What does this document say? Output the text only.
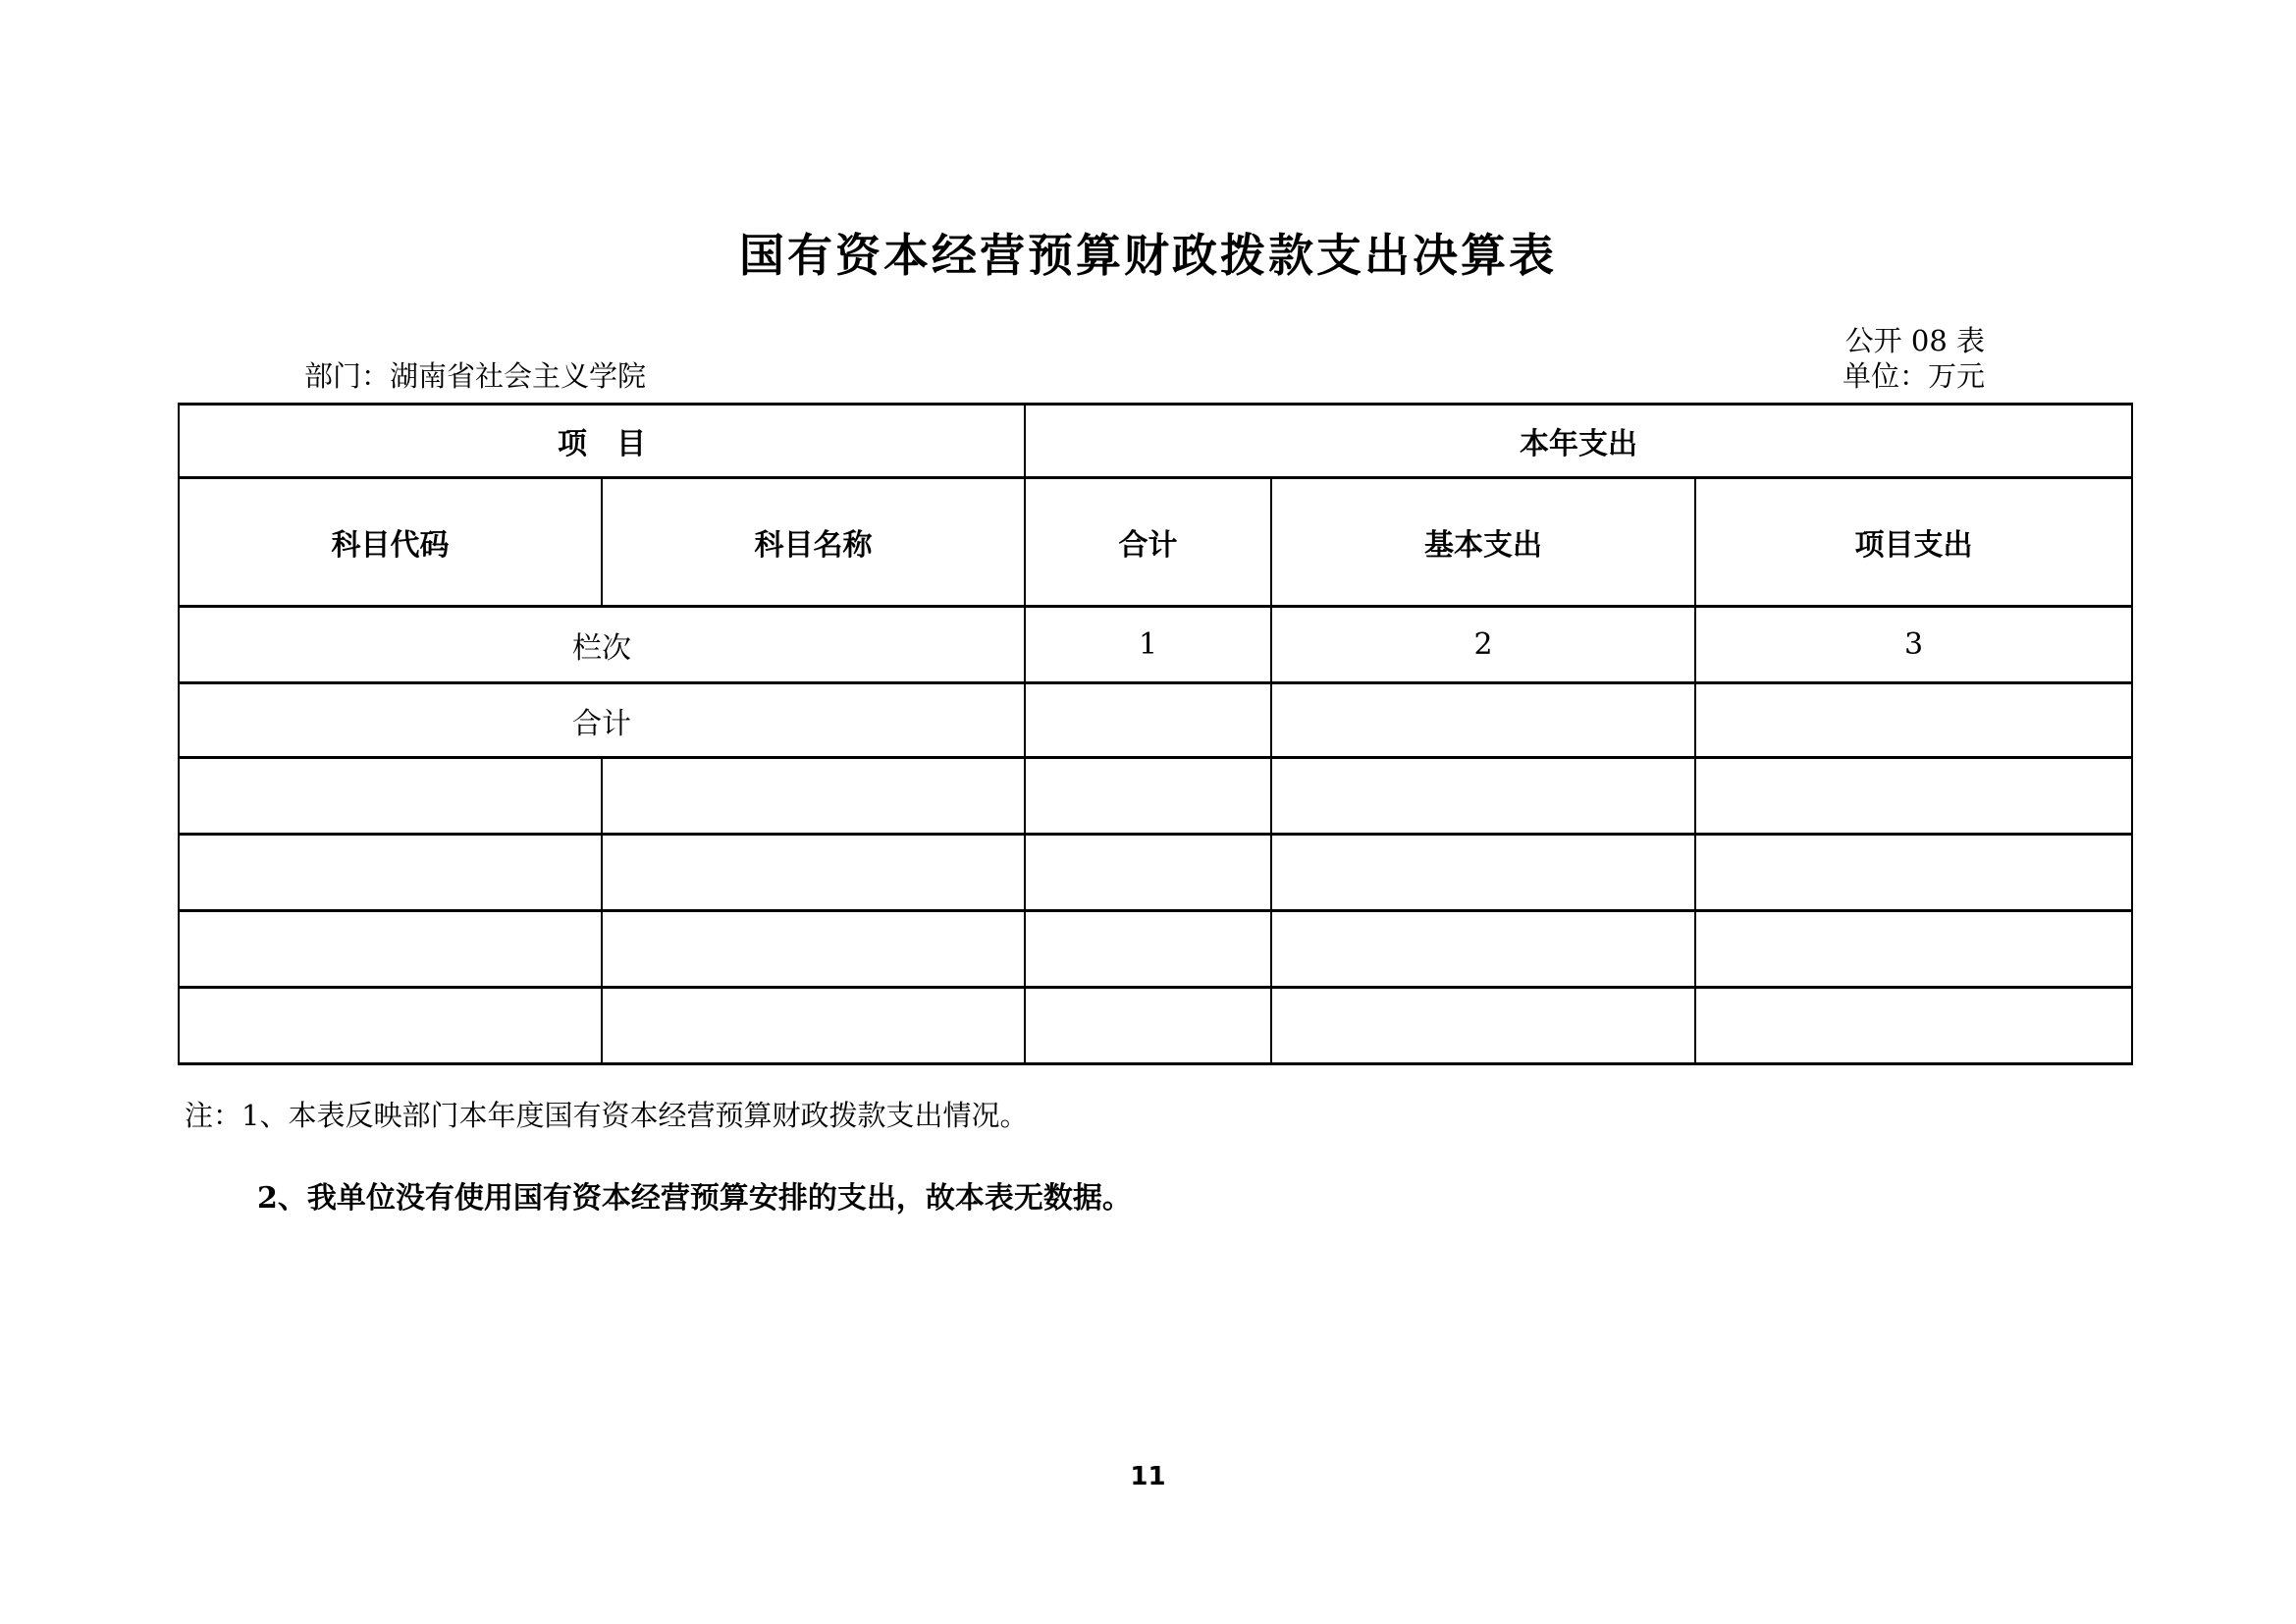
国有资本经营预算财政拨款支出决算表
公开 08 表
部门：湖南省社会主义学院	单位：万元
项　目		本年支出		
科目代码	科目名称	合计	基本支出	项目支出
栏次		1	2	3
合计				

注：1、本表反映部门本年度国有资本经营预算财政拨款支出情况。
2、我单位没有使用国有资本经营预算安排的支出，故本表无数据。
11
